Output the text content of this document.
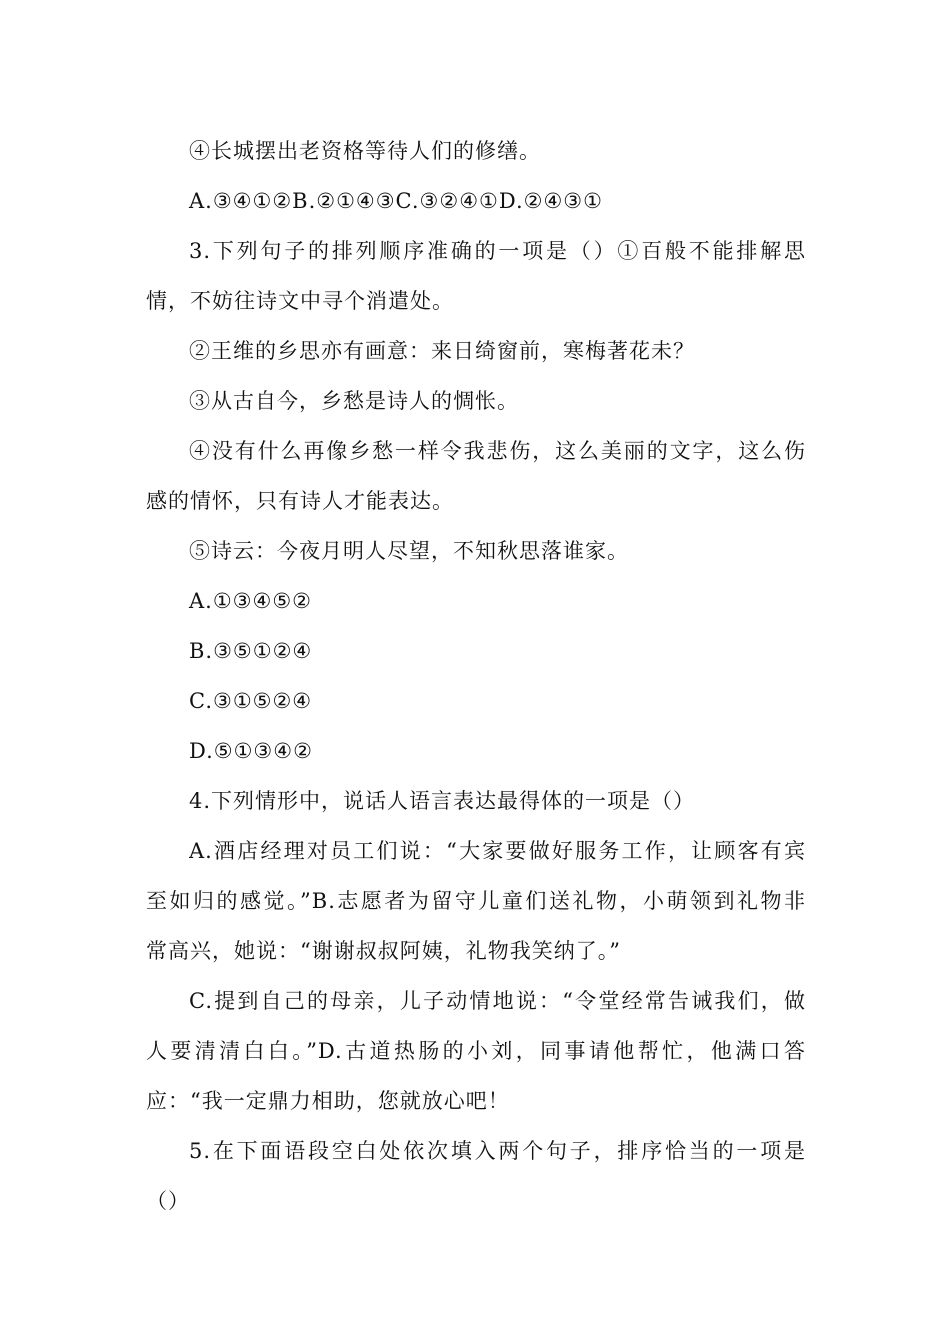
④长城摆出老资格等待人们的修缮。
A.③④①②B.②①④③C.③②④①D.②④③①
3.下列句子的排列顺序准确的一项是（）①百般不能排解思
情，不妨往诗文中寻个消遣处。
②王维的乡思亦有画意：来日绮窗前，寒梅著花未？
③从古自今，乡愁是诗人的惆怅。
④没有什么再像乡愁一样令我悲伤，这么美丽的文字，这么伤
感的情怀，只有诗人才能表达。
⑤诗云：今夜月明人尽望，不知秋思落谁家。
A.①③④⑤②
B.③⑤①②④
C.③①⑤②④
D.⑤①③④②
4.下列情形中，说话人语言表达最得体的一项是（）
A.酒店经理对员工们说：“大家要做好服务工作，让顾客有宾
至如归的感觉。”B.志愿者为留守儿童们送礼物，小萌领到礼物非
常高兴，她说：“谢谢叔叔阿姨，礼物我笑纳了。”
C.提到自己的母亲，儿子动情地说：“令堂经常告诫我们，做
人要清清白白。”D.古道热肠的小刘，同事请他帮忙，他满口答
应：“我一定鼎力相助，您就放心吧！
5.在下面语段空白处依次填入两个句子，排序恰当的一项是
（）
